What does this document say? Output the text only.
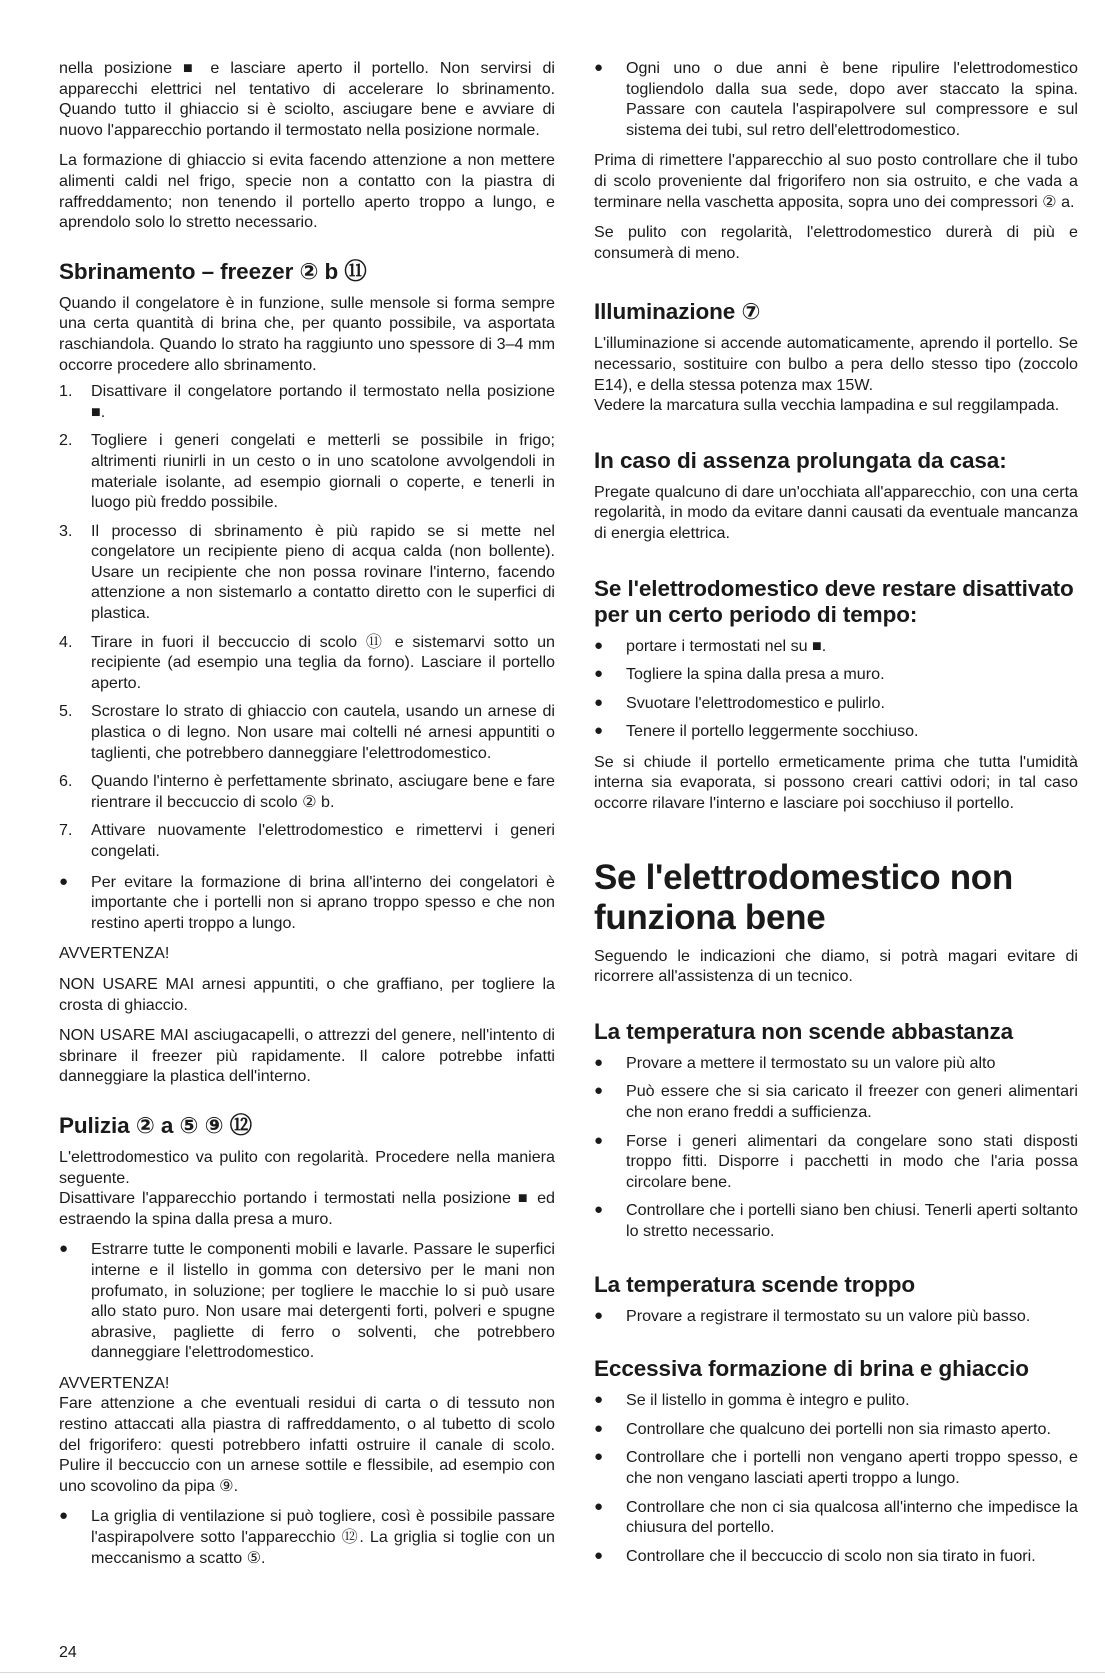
nella posizione ■ e lasciare aperto il portello. Non servirsi di apparecchi elettrici nel tentativo di accelerare lo sbrinamento. Quando tutto il ghiaccio si è sciolto, asciugare bene e avviare di nuovo l'apparecchio portando il termostato nella posizione normale.

La formazione di ghiaccio si evita facendo attenzione a non mettere alimenti caldi nel frigo, specie non a contatto con la piastra di raffreddamento; non tenendo il portello aperto troppo a lungo, e aprendolo solo lo stretto necessario.

Sbrinamento – freezer ② b ⑪

Quando il congelatore è in funzione, sulle mensole si forma sempre una certa quantità di brina che, per quanto possibile, va asportata raschiandola. Quando lo strato ha raggiunto uno spessore di 3–4 mm occorre procedere allo sbrinamento.

1.	Disattivare il congelatore portando il termostato nella posizione ■.
2.	Togliere i generi congelati e metterli se possibile in frigo; altrimenti riunirli in un cesto o in uno scatolone avvolgendoli in materiale isolante, ad esempio giornali o coperte, e tenerli in luogo più freddo possibile.
3.	Il processo di sbrinamento è più rapido se si mette nel congelatore un recipiente pieno di acqua calda (non bollente). Usare un recipiente che non possa rovinare l'interno, facendo attenzione a non sistemarlo a contatto diretto con le superfici di plastica.
4.	Tirare in fuori il beccuccio di scolo ⑪ e sistemarvi sotto un recipiente (ad esempio una teglia da forno). Lasciare il portello aperto.
5.	Scrostare lo strato di ghiaccio con cautela, usando un arnese di plastica o di legno. Non usare mai coltelli né arnesi appuntiti o taglienti, che potrebbero danneggiare l'elettrodomestico.
6.	Quando l'interno è perfettamente sbrinato, asciugare bene e fare rientrare il beccuccio di scolo ② b.
7.	Attivare nuovamente l'elettrodomestico e rimettervi i generi congelati.
●	Per evitare la formazione di brina all'interno dei congelatori è importante che i portelli non si aprano troppo spesso e che non restino aperti troppo a lungo.

AVVERTENZA!

NON USARE MAI arnesi appuntiti, o che graffiano, per togliere la crosta di ghiaccio.

NON USARE MAI asciugacapelli, o attrezzi del genere, nell'intento di sbrinare il freezer più rapidamente. Il calore potrebbe infatti danneggiare la plastica dell'interno.

Pulizia ② a ⑤ ⑨ ⑫

L'elettrodomestico va pulito con regolarità. Procedere nella maniera seguente.

Disattivare l'apparecchio portando i termostati nella posizione ■ ed estraendo la spina dalla presa a muro.

●	Estrarre tutte le componenti mobili e lavarle. Passare le superfici interne e il listello in gomma con detersivo per le mani non profumato, in soluzione; per togliere le macchie lo si può usare allo stato puro. Non usare mai detergenti forti, polveri e spugne abrasive, pagliette di ferro o solventi, che potrebbero danneggiare l'elettrodomestico.

AVVERTENZA!

Fare attenzione a che eventuali residui di carta o di tessuto non restino attaccati alla piastra di raffreddamento, o al tubetto di scolo del frigorifero: questi potrebbero infatti ostruire il canale di scolo. Pulire il beccuccio con un arnese sottile e flessibile, ad esempio con uno scovolino da pipa ⑨.

●	La griglia di ventilazione si può togliere, così è possibile passare l'aspirapolvere sotto l'apparecchio ⑫. La griglia si toglie con un meccanismo a scatto ⑤.
●	Ogni uno o due anni è bene ripulire l'elettrodomestico togliendolo dalla sua sede, dopo aver staccato la spina. Passare con cautela l'aspirapolvere sul compressore e sul sistema dei tubi, sul retro dell'elettrodomestico.

Prima di rimettere l'apparecchio al suo posto controllare che il tubo di scolo proveniente dal frigorifero non sia ostruito, e che vada a terminare nella vaschetta apposita, sopra uno dei compressori ② a.

Se pulito con regolarità, l'elettrodomestico durerà di più e consumerà di meno.

Illuminazione ⑦

L'illuminazione si accende automaticamente, aprendo il portello. Se necessario, sostituire con bulbo a pera dello stesso tipo (zoccolo E14), e della stessa potenza max 15W.

Vedere la marcatura sulla vecchia lampadina e sul reggilampada.

In caso di assenza prolungata da casa:

Pregate qualcuno di dare un'occhiata all'apparecchio, con una certa regolarità, in modo da evitare danni causati da eventuale mancanza di energia elettrica.

Se l'elettrodomestico deve restare disattivato per un certo periodo di tempo:
●	portare i termostati nel su ■.
●	Togliere la spina dalla presa a muro.
●	Svuotare l'elettrodomestico e pulirlo.
●	Tenere il portello leggermente socchiuso.

Se si chiude il portello ermeticamente prima che tutta l'umidità interna sia evaporata, si possono creari cattivi odori; in tal caso occorre rilavare l'interno e lasciare poi socchiuso il portello.

Se l'elettrodomestico non funziona bene

Seguendo le indicazioni che diamo, si potrà magari evitare di ricorrere all'assistenza di un tecnico.

La temperatura non scende abbastanza
●	Provare a mettere il termostato su un valore più alto
●	Può essere che si sia caricato il freezer con generi alimentari che non erano freddi a sufficienza.
●	Forse i generi alimentari da congelare sono stati disposti troppo fitti. Disporre i pacchetti in modo che l'aria possa circolare bene.
●	Controllare che i portelli siano ben chiusi. Tenerli aperti soltanto lo stretto necessario.
La temperatura scende troppo
●	Provare a registrare il termostato su un valore più basso.
Eccessiva formazione di brina e ghiaccio
●	Se il listello in gomma è integro e pulito.
●	Controllare che qualcuno dei portelli non sia rimasto aperto.
●	Controllare che i portelli non vengano aperti troppo spesso, e che non vengano lasciati aperti troppo a lungo.
●	Controllare che non ci sia qualcosa all'interno che impedisce la chiusura del portello.
●	Controllare che il beccuccio di scolo non sia tirato in fuori.
24
